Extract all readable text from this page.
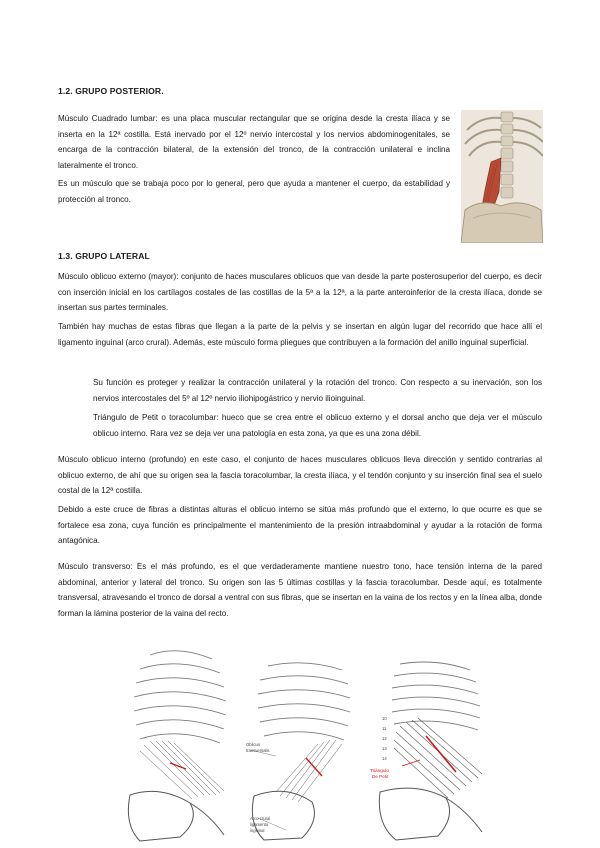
1.2. GRUPO POSTERIOR.

Músculo Cuadrado lumbar: es una placa muscular rectangular que se origina desde la cresta ilíaca y se inserta en la 12ª costilla. Está inervado por el 12º nervio intercostal y los nervios abdominogenitales, se encarga de la contracción bilateral, de la extensión del tronco, de la contracción unilateral e inclina lateralmente el tronco.

Es un músculo que se trabaja poco por lo general, pero que ayuda a mantener el cuerpo, da estabilidad y protección al tronco.

1.3. GRUPO LATERAL

Músculo oblicuo externo (mayor): conjunto de haces musculares oblicuos que van desde la parte posterosuperior del cuerpo, es decir con inserción inicial en los cartílagos costales de las costillas de la 5ª a la 12ª, a la parte anteroinferior de la cresta ilíaca, donde se insertan sus partes terminales.

También hay muchas de estas fibras que llegan a la parte de la pelvis y se insertan en algún lugar del recorrido que hace allí el ligamento inguinal (arco crural). Además, este músculo forma pliegues que contribuyen a la formación del anillo inguinal superficial.

Su función es proteger y realizar la contracción unilateral y la rotación del tronco. Con respecto a su inervación, son los nervios intercostales del 5º al 12º nervio iliohipogástrico y nervio ilioinguinal.

Triángulo de Petit o toracolumbar: hueco que se crea entre el oblicuo externo y el dorsal ancho que deja ver el músculo oblicuo interno. Rara vez se deja ver una patología en esta zona, ya que es una zona débil.

Músculo oblicuo interno (profundo) en este caso, el conjunto de haces musculares oblicuos lleva dirección y sentido contrarias al oblicuo externo, de ahí que su origen sea la fascia toracolumbar, la cresta ilíaca, y el tendón conjunto y su inserción final sea el suelo costal de la 12ª costilla.

Debido a este cruce de fibras a distintas alturas el oblicuo interno se sitúa más profundo que el externo, lo que ocurre es que se fortalece esa zona, cuya función es principalmente el mantenimiento de la presión intraabdominal y ayudar a la rotación de forma antagónica.

Músculo transverso: Es el más profundo, es el que verdaderamente mantiene nuestro tono, hace tensión interna de la pared abdominal, anterior y lateral del tronco. Su origen son las 5 últimas costillas y la fascia toracolumbar. Desde aquí, es totalmente transversal, atravesando el tronco de dorsal a ventral con sus fibras, que se insertan en la vaina de los rectos y en la línea alba, donde forman la lámina posterior de la vaina del recto.

Oblicuo
transversalis
Arco crural
ligamento
inguinal
10
11
12
13
14
Triángulo
De Petit
